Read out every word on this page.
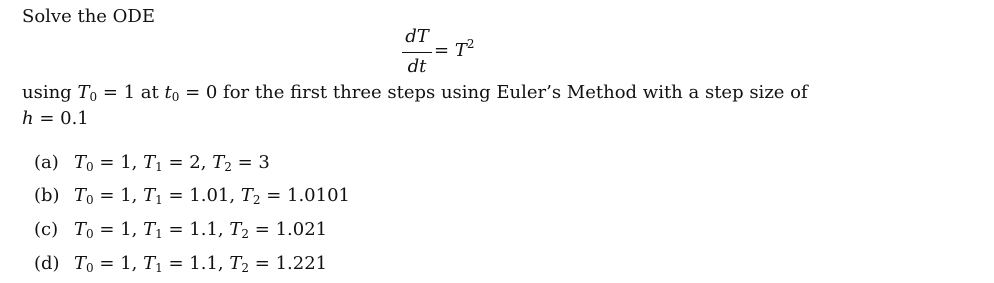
Solve the ODE
dT
dt
= $T^2$
using $T_0 = 1$ at $t_0 = 0$ for the first three steps using Euler’s Method with a step size of
h = 0.1
(a) $T_0 = 1$, $T_1 = 2$, $T_2 = 3$
(b) $T_0 = 1$, $T_1 = 1.01$, $T_2 = 1.0101$
(c) $T_0 = 1$, $T_1 = 1.1$, $T_2 = 1.021$
(d) $T_0 = 1$, $T_1 = 1.1$, $T_2 = 1.221$
